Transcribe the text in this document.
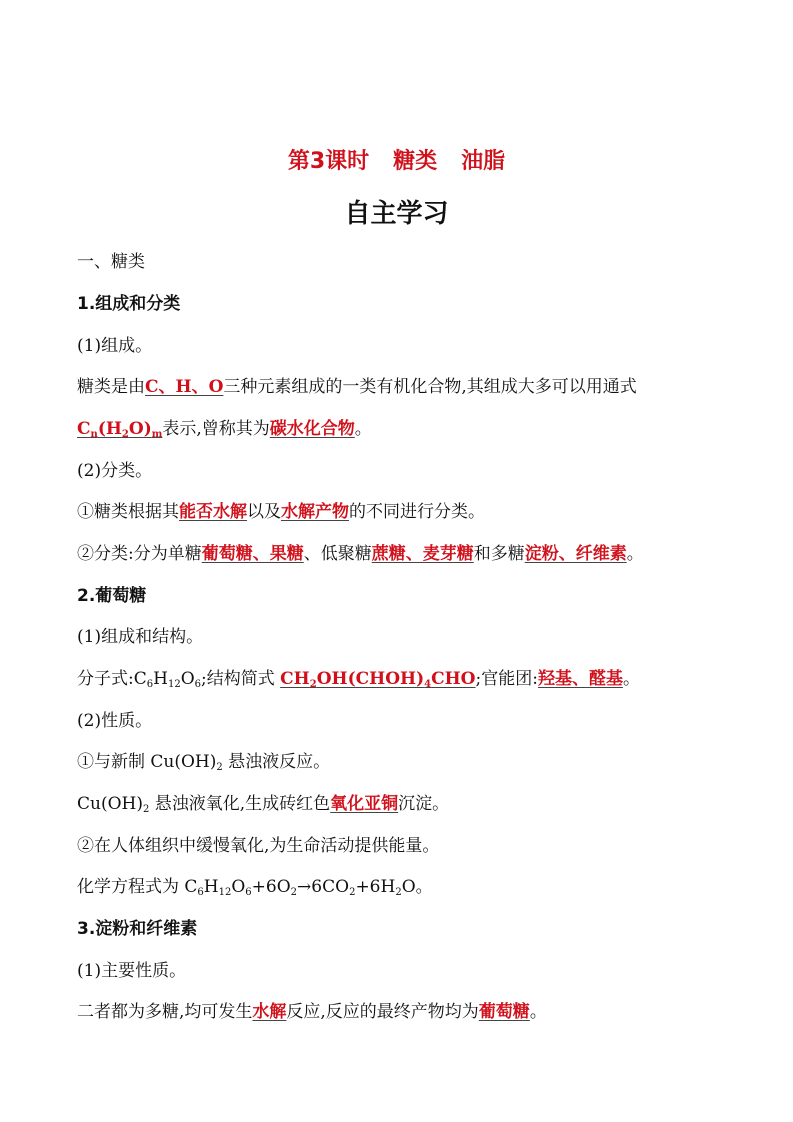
第3课时 糖类 油脂
自主学习
一、糖类
1.组成和分类
(1)组成。
糖类是由C、H、O三种元素组成的一类有机化合物,其组成大多可以用通式
$C_n(H_2O)_m$表示,曾称其为碳水化合物。
(2)分类。
①糖类根据其能否水解以及水解产物的不同进行分类。
②分类:分为单糖葡萄糖、果糖、低聚糖蔗糖、麦芽糖和多糖淀粉、纤维素。
2.葡萄糖
(1)组成和结构。
分子式$:C_6H_{12}O_6$;结构简式 $CH_2OH(CHOH)_4CHO$;官能团:羟基、醛基。
(2)性质。
①与新制 $Cu(OH)_2$ 悬浊液反应。
$Cu(OH)_2$ 悬浊液氧化,生成砖红色氧化亚铜沉淀。
②在人体组织中缓慢氧化,为生命活动提供能量。
化学方程式为 $C_6H_{12}O_6+6O_2\to 6CO_2+6H_2O$。
3.淀粉和纤维素
(1)主要性质。
二者都为多糖,均可发生水解反应,反应的最终产物均为葡萄糖。
